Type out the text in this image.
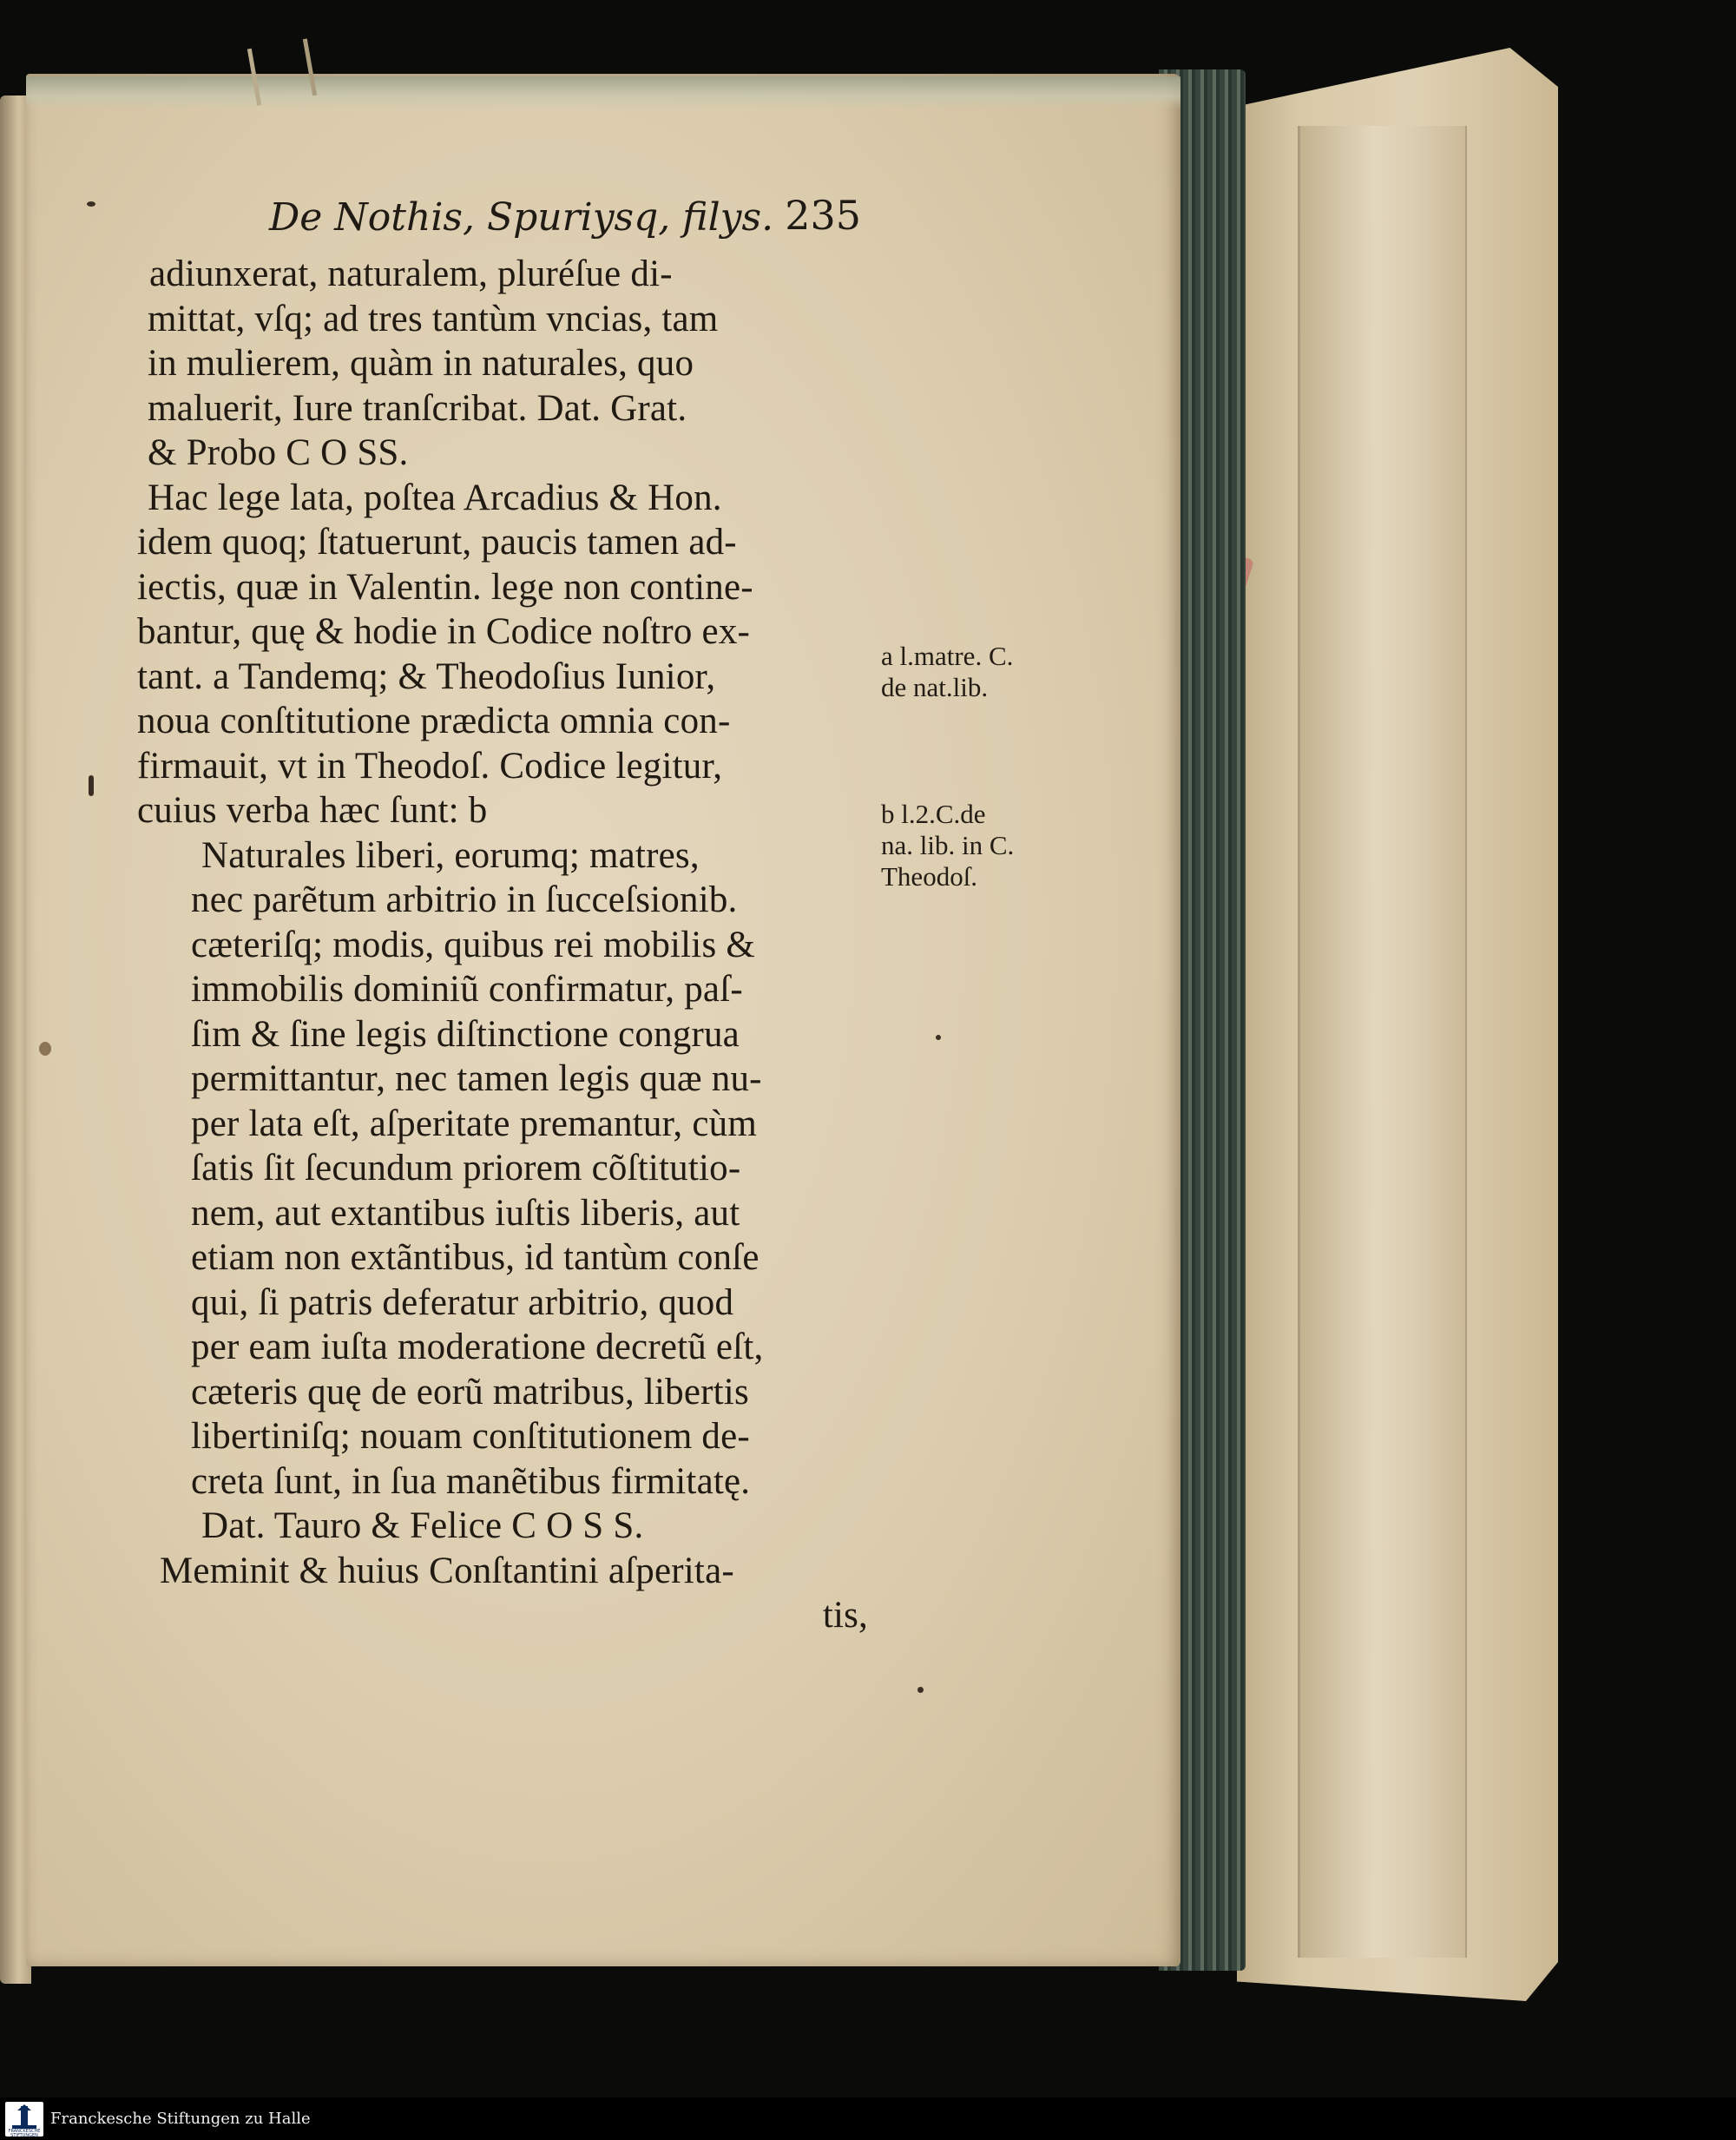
De Nothis, Spuriysq, filys. 235
adiunxerat, naturalem, pluréſue di-
mittat, vſq; ad tres tantùm vncias, tam
in mulierem, quàm in naturales, quo
maluerit, Iure tranſcribat. Dat. Grat.
& Probo C O SS.
Hac lege lata, poſtea Arcadius & Hon.
idem quoq; ſtatuerunt, paucis tamen ad-
iectis, quæ in Valentin. lege non contine-
bantur, quę & hodie in Codice noſtro ex-
tant. a Tandemq; & Theodoſius Iunior,
noua conſtitutione prædicta omnia con-
firmauit, vt in Theodoſ. Codice legitur,
cuius verba hæc ſunt: b
Naturales liberi, eorumq; matres,
nec parẽtum arbitrio in ſucceſsionib.
cæteriſq; modis, quibus rei mobilis &
immobilis dominiũ confirmatur, paſ-
ſim & ſine legis diſtinctione congrua
permittantur, nec tamen legis quæ nu-
per lata eſt, aſperitate premantur, cùm
ſatis ſit ſecundum priorem cõſtitutio-
nem, aut extantibus iuſtis liberis, aut
etiam non extãntibus, id tantùm conſe
qui, ſi patris deferatur arbitrio, quod
per eam iuſta moderatione decretũ eſt,
cæteris quę de eorũ matribus, libertis
libertiniſq; nouam conſtitutionem de-
creta ſunt, in ſua manẽtibus firmitatę.
Dat. Tauro & Felice C O S S.
Meminit & huius Conſtantini aſperita-
tis,
a l.matre. C.
de nat.lib.
b l.2.C.de
na. lib. in C.
Theodoſ.
FRANCKESCHE STIFTUNGEN
Franckesche Stiftungen zu Halle
